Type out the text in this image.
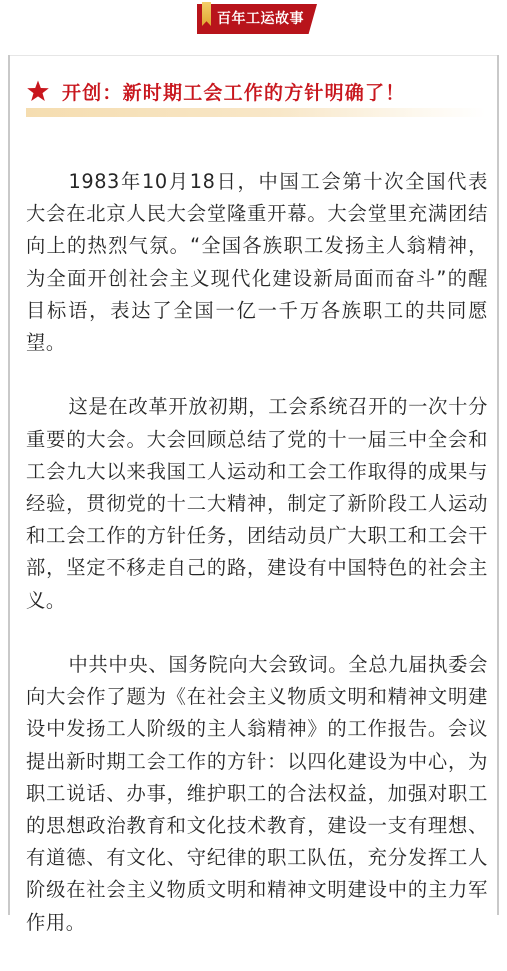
百年工运故事
开创：新时期工会工作的方针明确了！

1983年10月18日，中国工会第十次全国代表大会在北京人民大会堂隆重开幕。大会堂里充满团结向上的热烈气氛。“全国各族职工发扬主人翁精神，为全面开创社会主义现代化建设新局面而奋斗”的醒目标语，表达了全国一亿一千万各族职工的共同愿望。

这是在改革开放初期，工会系统召开的一次十分重要的大会。大会回顾总结了党的十一届三中全会和工会九大以来我国工人运动和工会工作取得的成果与经验，贯彻党的十二大精神，制定了新阶段工人运动和工会工作的方针任务，团结动员广大职工和工会干部，坚定不移走自己的路，建设有中国特色的社会主义。

中共中央、国务院向大会致词。全总九届执委会向大会作了题为《在社会主义物质文明和精神文明建设中发扬工人阶级的主人翁精神》的工作报告。会议提出新时期工会工作的方针：以四化建设为中心，为职工说话、办事，维护职工的合法权益，加强对职工的思想政治教育和文化技术教育，建设一支有理想、有道德、有文化、守纪律的职工队伍，充分发挥工人阶级在社会主义物质文明和精神文明建设中的主力军作用。
